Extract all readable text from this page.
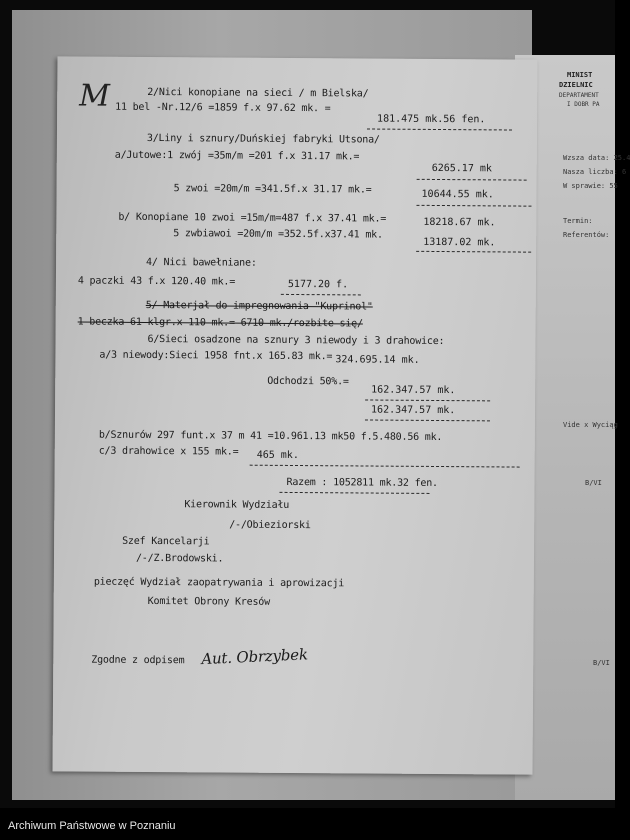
MINIST
DZIELNIC
DEPARTAMENT
I DOBR PA
Wzsza data: 25.4
Nasza liczba: 6
W sprawie: 55
Termin:
Referentów:
Vide x Wyciąg
B/VI
B/VI
M	2/Nici konopiane na sieci / m Bielska/
11 bel -Nr.12/6 =1859 f.x 97.62 mk. =
181.475 mk.56 fen.
3/Liny i sznury/Duńskiej fabryki Utsona/
a/Jutowe:1 zwój =35m/m =201 f.x 31.17 mk.=
6265.17 mk
5 zwoi =20m/m =341.5f.x 31.17 mk.=	10644.55 mk.
b/ Konopiane 10 zwoi =15m/m=487 f.x 37.41 mk.=	18218.67 mk.
5 zwbiawoi =20m/m =352.5f.x37.41 mk.
13187.02 mk.
4/ Nici bawełniane:
4 paczki 43 f.x 120.40 mk.=	5177.20 f.
5/ Materjał do impregnowania "Kuprinol"
1 beczka 61 klgr.x 110 mk.= 6710 mk./rozbite się/
6/Sieci osadzone na sznury 3 niewody i 3 drahowice:
a/3 niewody:Sieci 1958 fnt.x 165.83 mk.= 324.695.14 mk.
Odchodzi 50%.=
162.347.57 mk.
162.347.57 mk.
b/Sznurów 297 funt.x 37 m 41 =10.961.13 mk50 f.5.480.56 mk.
c/3 drahowice x 155 mk.= 465 mk.
Razem : 1052811 mk.32 fen.
Kierownik Wydziału
/-/Obieziorski
Szef Kancelarji
/-/Z.Brodowski.
pieczęć Wydział zaopatrywania i aprowizacji
Komitet Obrony Kresów
Zgodne z odpisem Aut. Obrzybek
Archiwum Państwowe w Poznaniu
